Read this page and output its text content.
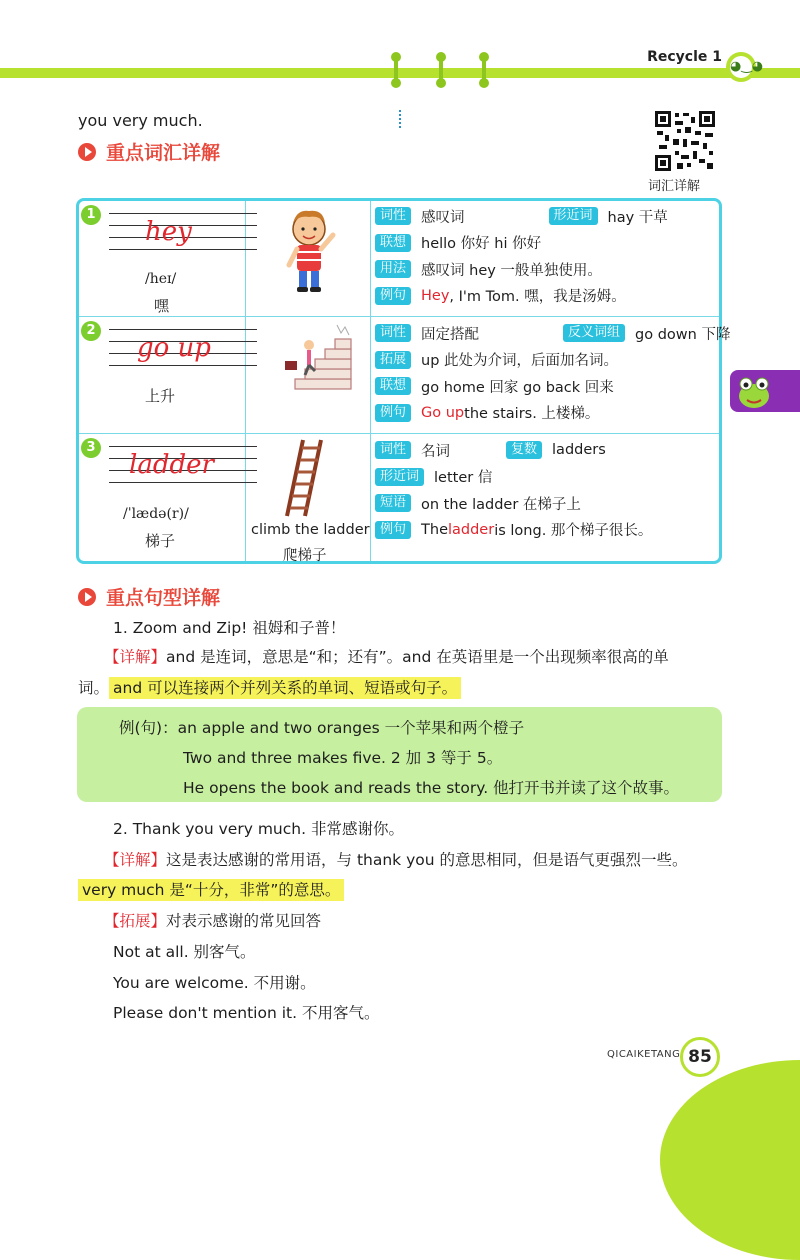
Recycle 1
◕‿◕
you very much.
重点词汇详解
词汇详解
1
hey
/heɪ/
嘿
词性	感叹词	形近词	hay 干草
联想	hello 你好 hi 你好
用法	感叹词 hey 一般单独使用。
例句	Hey , I'm Tom. 嘿，我是汤姆。
2
go up
上升
词性	固定搭配	反义词组	go down 下降
拓展	up 此处为介词，后面加名词。
联想	go home 回家 go back 回来
例句	Go up the stairs. 上楼梯。
3
ladder
/ˈlædə(r)/
梯子
climb the ladder
爬梯子
词性	名词	复数	ladders
形近词	letter 信
短语	on the ladder 在梯子上
例句	The ladder is long. 那个梯子很长。
重点句型详解
1. Zoom and Zip! 祖姆和子普！
【详解】and 是连词，意思是“和；还有”。and 在英语里是一个出现频率很高的单
词。 and 可以连接两个并列关系的单词、短语或句子。
例(句)：an apple and two oranges 一个苹果和两个橙子
Two and three makes five. 2 加 3 等于 5。
He opens the book and reads the story. 他打开书并读了这个故事。
2. Thank you very much. 非常感谢你。
【详解】这是表达感谢的常用语，与 thank you 的意思相同，但是语气更强烈一些。
very much 是“十分，非常”的意思。
【拓展】对表示感谢的常见回答
Not at all. 别客气。
You are welcome. 不用谢。
Please don't mention it. 不用客气。
QICAIKETANG 85
